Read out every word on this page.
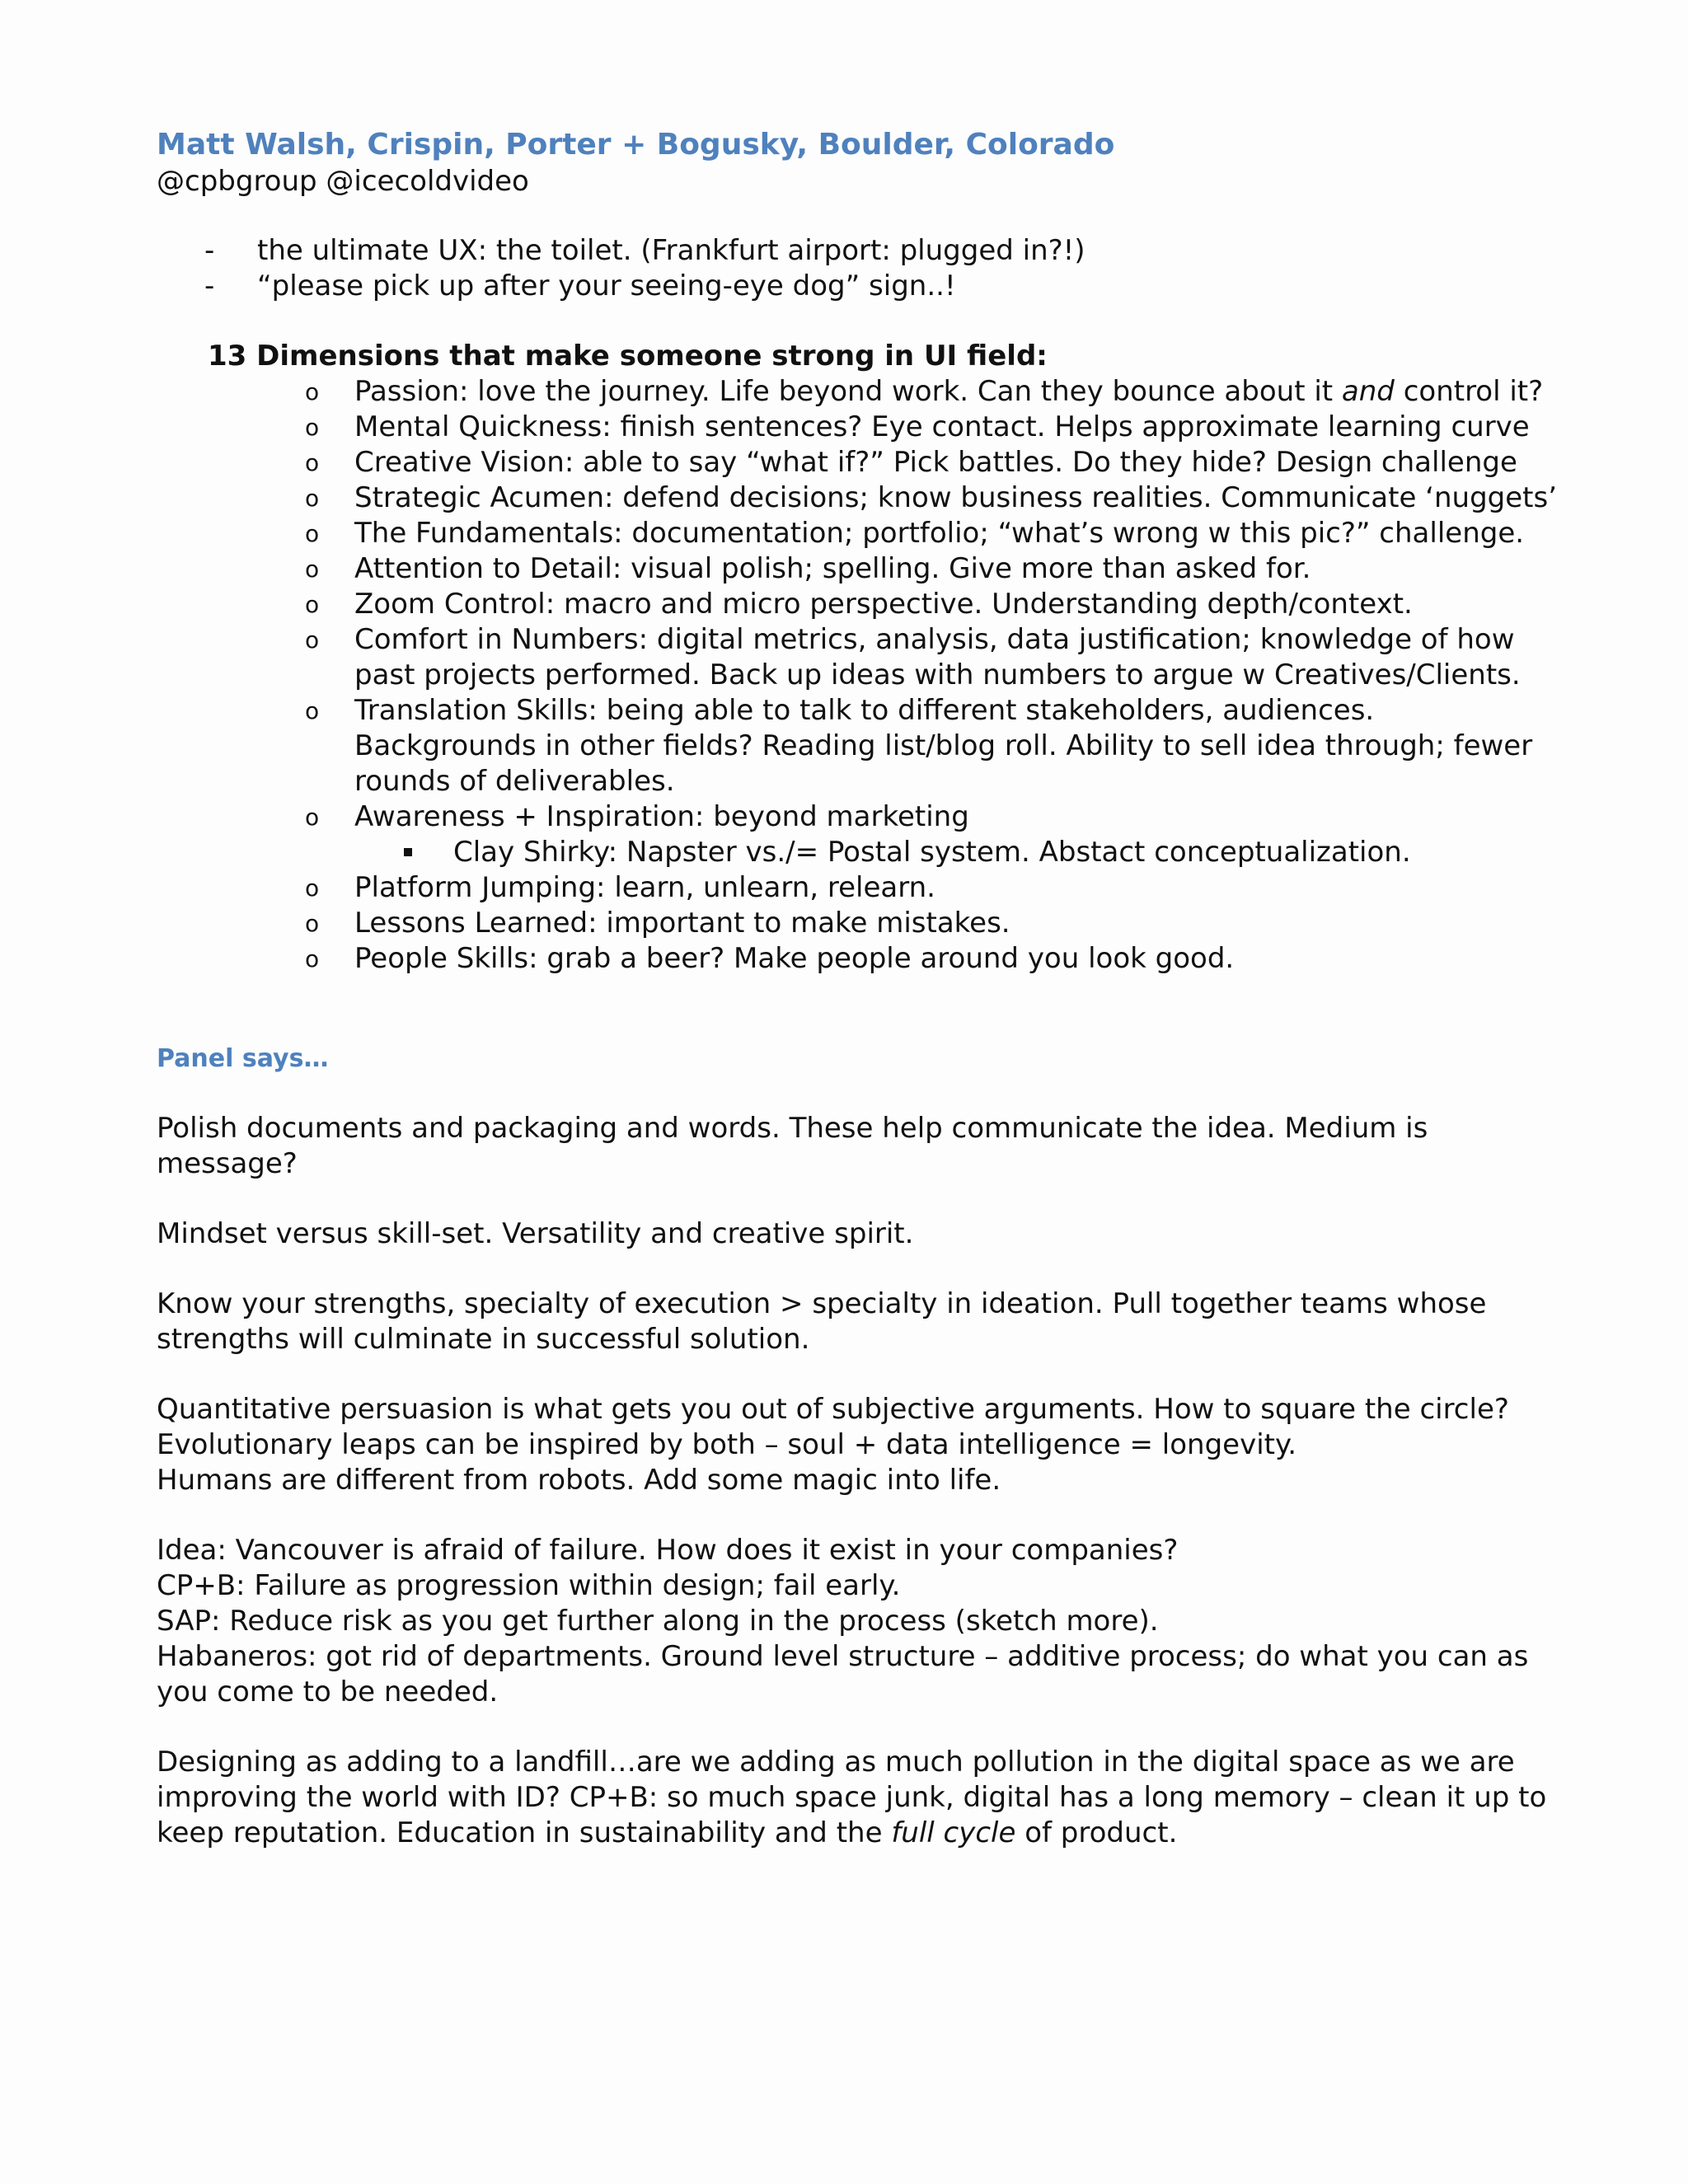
Matt Walsh, Crispin, Porter + Bogusky, Boulder, Colorado

@cpbgroup @icecoldvideo

- the ultimate UX: the toilet. (Frankfurt airport: plugged in?!)
- “please pick up after your seeing-eye dog” sign..!
13 Dimensions that make someone strong in UI field:
o Passion: love the journey. Life beyond work. Can they bounce about it and control it?
o Mental Quickness: finish sentences? Eye contact. Helps approximate learning curve
o Creative Vision: able to say “what if?” Pick battles. Do they hide? Design challenge
o Strategic Acumen: defend decisions; know business realities. Communicate ‘nuggets’
o The Fundamentals: documentation; portfolio; “what’s wrong w this pic?” challenge.
o Attention to Detail: visual polish; spelling. Give more than asked for.
o Zoom Control: macro and micro perspective. Understanding depth/context.
o Comfort in Numbers: digital metrics, analysis, data justification; knowledge of how past projects performed. Back up ideas with numbers to argue w Creatives/Clients.
o Translation Skills: being able to talk to different stakeholders, audiences. Backgrounds in other fields? Reading list/blog roll. Ability to sell idea through; fewer rounds of deliverables.
o Awareness + Inspiration: beyond marketing
Clay Shirky: Napster vs./= Postal system. Abstact conceptualization.
o Platform Jumping: learn, unlearn, relearn.
o Lessons Learned: important to make mistakes.
o People Skills: grab a beer? Make people around you look good.
Panel says…

Polish documents and packaging and words. These help communicate the idea. Medium is message?

Mindset versus skill-set. Versatility and creative spirit.

Know your strengths, specialty of execution > specialty in ideation. Pull together teams whose strengths will culminate in successful solution.

Quantitative persuasion is what gets you out of subjective arguments. How to square the circle?

Evolutionary leaps can be inspired by both – soul + data intelligence = longevity.

Humans are different from robots. Add some magic into life.

Idea: Vancouver is afraid of failure. How does it exist in your companies?

CP+B: Failure as progression within design; fail early.

SAP: Reduce risk as you get further along in the process (sketch more).

Habaneros: got rid of departments. Ground level structure – additive process; do what you can as you come to be needed.

Designing as adding to a landfill…are we adding as much pollution in the digital space as we are improving the world with ID? CP+B: so much space junk, digital has a long memory – clean it up to keep reputation. Education in sustainability and the full cycle of product.
